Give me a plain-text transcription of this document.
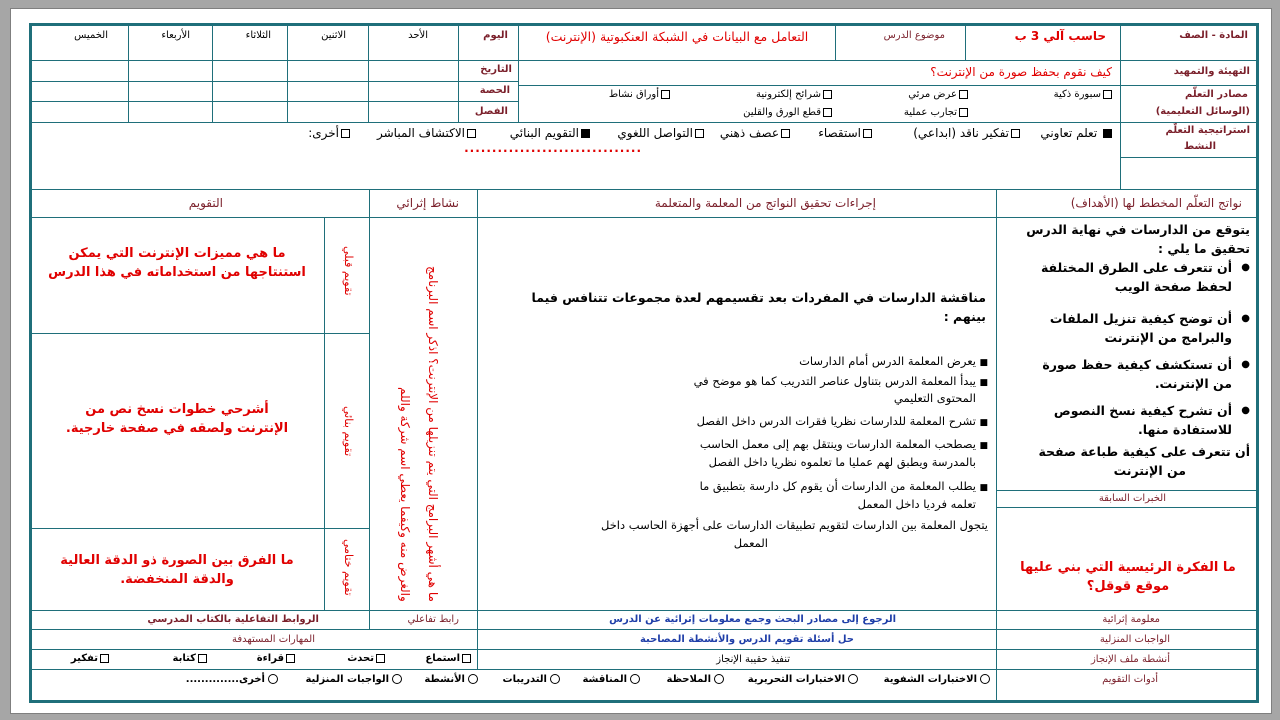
المادة - الصف
حاسب آلي 3 ب
موضوع الدرس
التعامل مع البيانات في الشبكة العنكبوتية (الإنترنت)
اليوم
الأحد
الاثنين
الثلاثاء
الأربعاء
الخميس
التهيئة والتمهيد
كيف نقوم بحفظ صورة من الإنترنت؟
التاريخ
مصادر التعلّم
(الوسائل التعليمية)
سبورة ذكية
عرض مرئي
شرائح إلكترونية
أوراق نشاط
تجارب عملية
قطع الورق والقلين
الحصة
الفصل
استراتيجية التعلّم
النشط
تعلم تعاوني
تفكير ناقد (ابداعي)
استقصاء
عصف ذهني
التواصل اللغوي
التقويم البنائي
الاكتشاف المباشر
أخرى:
................................
نواتج التعلّم المخطط لها (الأهداف)
إجراءات تحقيق النواتج من المعلمة والمتعلمة
نشاط إثرائي
التقويم
يتوقع من الدارسات في نهاية الدرس
تحقيق ما يلي :
●
أن تتعرف على الطرق المختلفة
لحفظ صفحة الويب
●
أن توضح كيفية تنزيل الملفات
والبرامج من الإنترنت
●
أن تستكشف كيفية حفظ صورة
من الإنترنت.
●
أن تشرح كيفية نسخ النصوص
للاستفادة منها.
أن تتعرف على كيفية طباعة صفحة
من الإنترنت
الخبرات السابقة
ما الفكرة الرئيسية التي بني عليها
موقع قوقل؟
مناقشة الدارسات في المفردات بعد تقسيمهم لعدة مجموعات تتنافس فيما
بينهم :
■
يعرض المعلمة الدرس أمام الدارسات
■
يبدأ المعلمة الدرس بتناول عناصر التدريب كما هو موضح في
المحتوى التعليمي
■
تشرح المعلمة للدارسات نظريا فقرات الدرس داخل الفصل
■
يصطحب المعلمة الدارسات وينتقل بهم إلى معمل الحاسب
بالمدرسة ويطبق لهم عمليا ما تعلموه نظريا داخل الفصل
■
يطلب المعلمة من الدارسات أن يقوم كل دارسة بتطبيق ما
تعلمه فرديا داخل المعمل
يتجول المعلمة بين الدارسات لتقويم تطبيقات الدارسات على أجهزة الحاسب داخل
المعمل
ما هي أشهر البرامج التي يتم تنزيلها من الإنترنت؟ اذكر اسم البرنامج والغرض منه وكيفما يعطي اسم شركة واللم
تقويم قبلي
ما هي مميزات الإنترنت التي يمكن استنتاجها من استخداماته في هذا الدرس
تقويم بنائي
أشرحي خطوات نسخ نص من الإنترنت ولصقه في صفحة خارجية.
تقويم ختامي
ما الفرق بين الصورة ذو الدقة العالية والدقة المنخفضة.
معلومة إثرائية
الرجوع إلى مصادر البحث وجمع معلومات إثرائية عن الدرس
رابط تفاعلي
الروابط التفاعلية بالكتاب المدرسي
الواجبات المنزلية
حل أسئلة تقويم الدرس والأنشطة المصاحبة
المهارات المستهدفة
أنشطة ملف الإنجاز
تنفيذ حقيبة الإنجاز
استماع
تحدث
قراءة
كتابة
تفكير
أدوات التقويم
الاختبارات الشفوية
الاختبارات التحريرية
الملاحظة
المناقشة
التدريبات
الأنشطة
الواجبات المنزلية
أخرى..............
